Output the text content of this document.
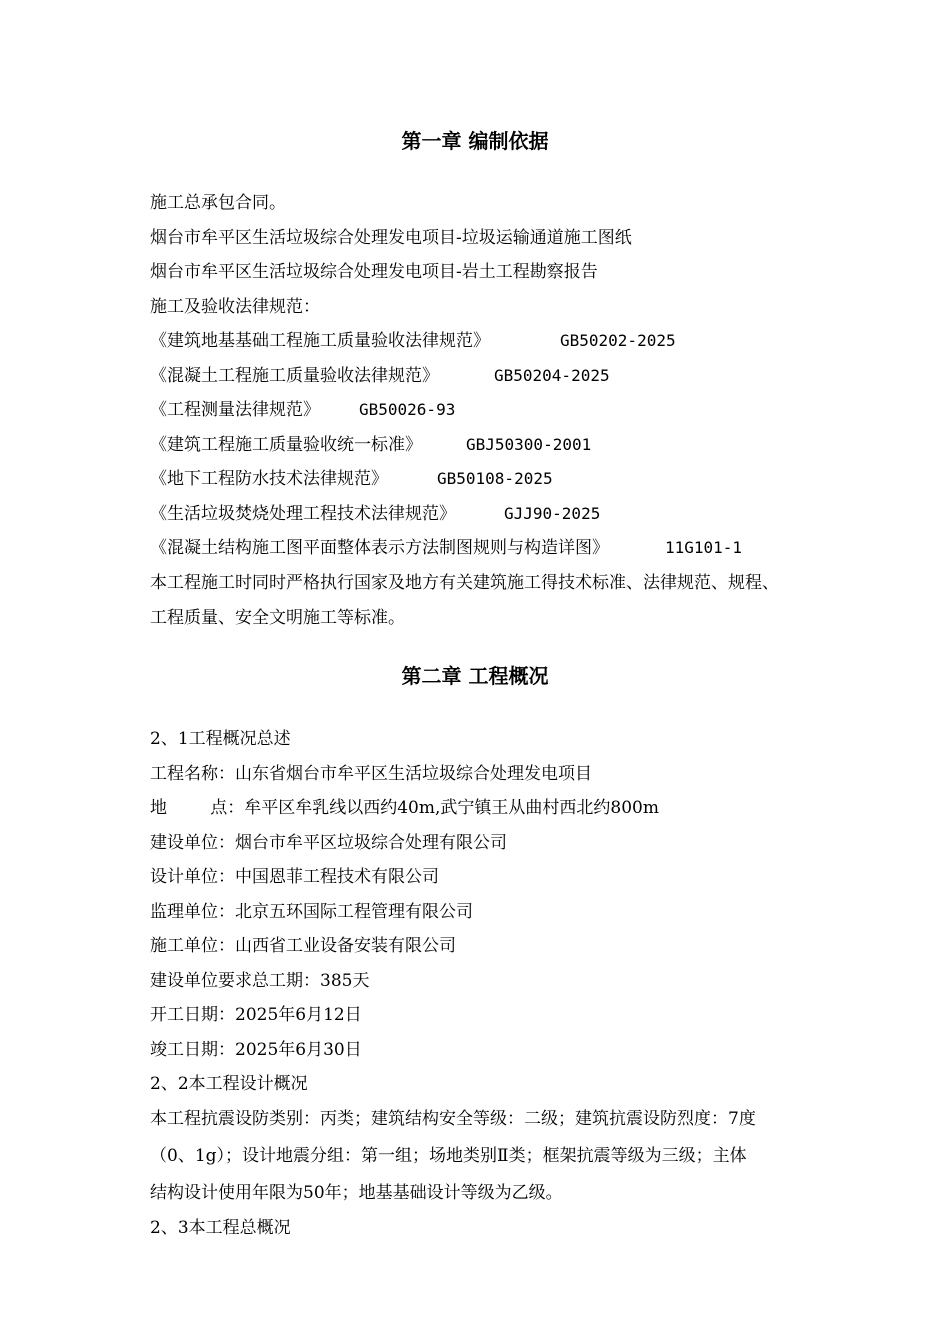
第一章 编制依据
施工总承包合同。
烟台市牟平区生活垃圾综合处理发电项目-垃圾运输通道施工图纸
烟台市牟平区生活垃圾综合处理发电项目-岩土工程勘察报告
施工及验收法律规范：
《建筑地基基础工程施工质量验收法律规范》	GB50202-2025
《混凝土工程施工质量验收法律规范》	GB50204-2025
《工程测量法律规范》 GB50026-93
《建筑工程施工质量验收统一标准》	GBJ50300-2001
《地下工程防水技术法律规范》	GB50108-2025
《生活垃圾焚烧处理工程技术法律规范》	GJJ90-2025
《混凝土结构施工图平面整体表示方法制图规则与构造详图》	11G101-1
本工程施工时同时严格执行国家及地方有关建筑施工得技术标准、法律规范、规程、
工程质量、安全文明施工等标准。
第二章 工程概况
2、1工程概况总述
工程名称：山东省烟台市牟平区生活垃圾综合处理发电项目
地        点：牟平区牟乳线以西约40m,武宁镇王从曲村西北约800m
建设单位：烟台市牟平区垃圾综合处理有限公司
设计单位：中国恩菲工程技术有限公司
监理单位：北京五环国际工程管理有限公司
施工单位：山西省工业设备安装有限公司
建设单位要求总工期：385天
开工日期：2025年6月12日
竣工日期：2025年6月30日
2、2本工程设计概况
本工程抗震设防类别：丙类；建筑结构安全等级：二级；建筑抗震设防烈度：7度
（0、1g）；设计地震分组：第一组；场地类别Ⅱ类；框架抗震等级为三级；主体
结构设计使用年限为50年；地基基础设计等级为乙级。
2、3本工程总概况
